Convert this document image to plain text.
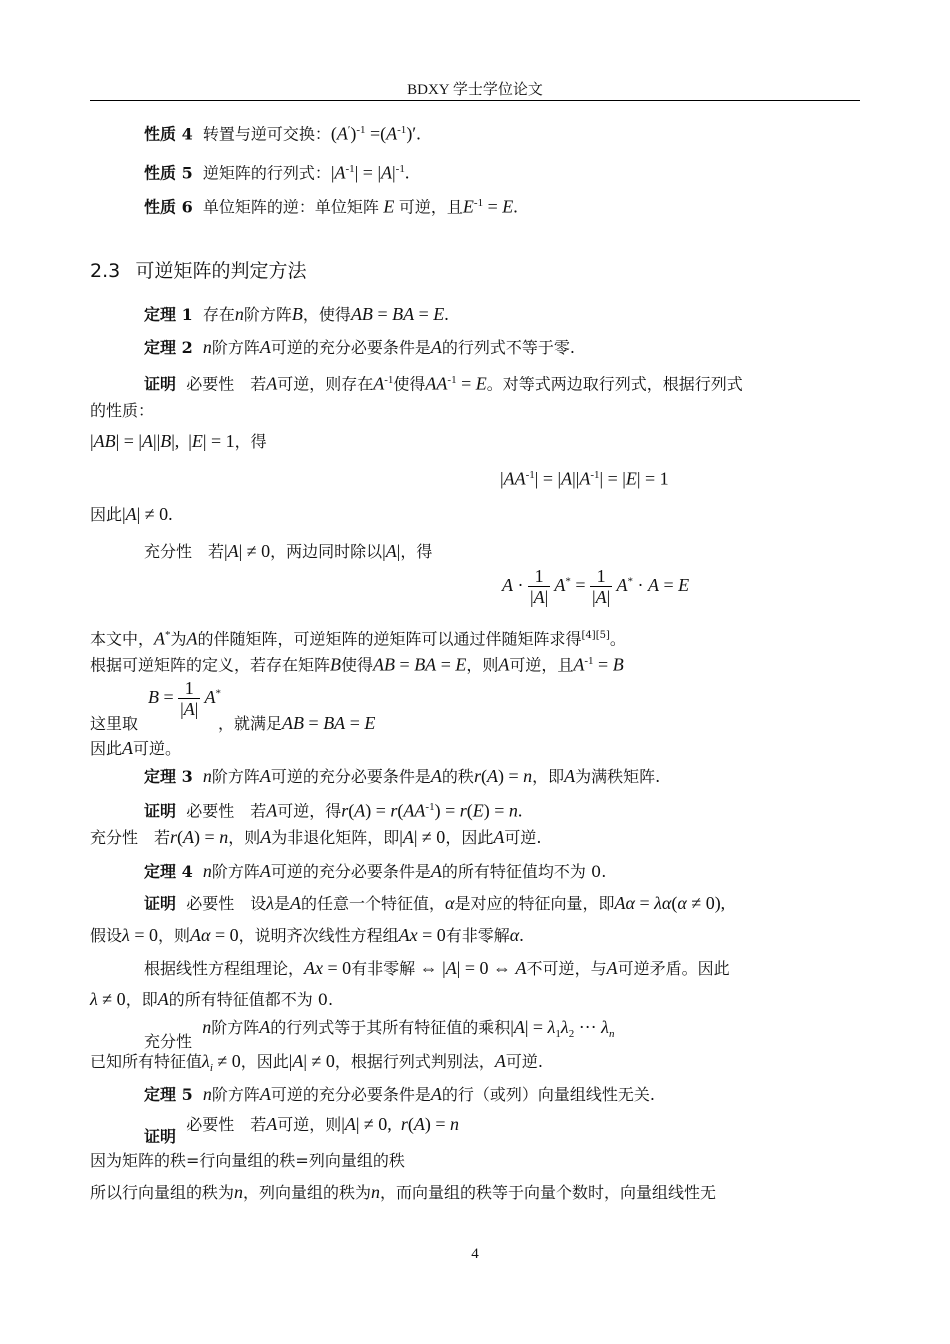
BDXY 学士学位论文
性质 4 转置与逆可交换：$(A')^{-1} =(A^{-1})'$.
性质 5 逆矩阵的行列式：$|A^{-1}| = |A|^{-1}$.
性质 6 单位矩阵的逆：单位矩阵 E 可逆，且$E^{-1} = E$.
2.3 可逆矩阵的判定方法
定理 1 存在n阶方阵B，使得AB = BA = E.
定理 2 n阶方阵A可逆的充分必要条件是A的行列式不等于零.
证明 必要性　若A可逆，则存在$A^{-1}$使得$AA^{-1} = E$。对等式两边取行列式，根据行列式
的性质：
|AB| = |A||B|,  |E| = 1，得
$|AA^{-1}| = |A||A^{-1}| = |E| = 1$
因此|A| ≠ 0.
充分性　若|A| ≠ 0，两边同时除以|A|，得
$A \cdot \frac{1}{|A|} A^* = \frac{1}{|A|} A^* \cdot A = E$
本文中，A*为A的伴随矩阵，可逆矩阵的逆矩阵可以通过伴随矩阵求得[4][5]。
根据可逆矩阵的定义，若存在矩阵B使得AB = BA = E，则A可逆，且$A^{-1} = B$
$B = \frac{1}{|A|} A^*$
这里取	，就满足AB = BA = E
因此A可逆。
定理 3 n阶方阵A可逆的充分必要条件是A的秩r(A) = n，即A为满秩矩阵.
证明 必要性　若A可逆，得$r(A) = r(AA^{-1}) = r(E) = n$.
充分性　若r(A) = n，则A为非退化矩阵，即|A| ≠ 0，因此A可逆.
定理 4 n阶方阵A可逆的充分必要条件是A的所有特征值均不为 0.
证明 必要性　设λ是A的任意一个特征值，α是对应的特征向量，即Aα = λα(α ≠ 0),
假设λ = 0，则Aα = 0，说明齐次线性方程组Ax = 0有非零解α.
根据线性方程组理论，Ax = 0有非零解 ⇔ |A| = 0 ⇔ A不可逆，与A可逆矛盾。因此
λ ≠ 0，即A的所有特征值都不为 0.
充分性  n阶方阵A的行列式等于其所有特征值的乘积$|A| = \lambda_1\lambda_2$ ··· $\lambda_n$
已知所有特征值$\lambda_i \ne 0$，因此|A| ≠ 0，根据行列式判别法，A可逆.
定理 5 n阶方阵A可逆的充分必要条件是A的行（或列）向量组线性无关.
证明  必要性　若A可逆，则|A| ≠ 0,  r(A) = n
因为矩阵的秩=行向量组的秩=列向量组的秩
所以行向量组的秩为n，列向量组的秩为n，而向量组的秩等于向量个数时，向量组线性无
4
